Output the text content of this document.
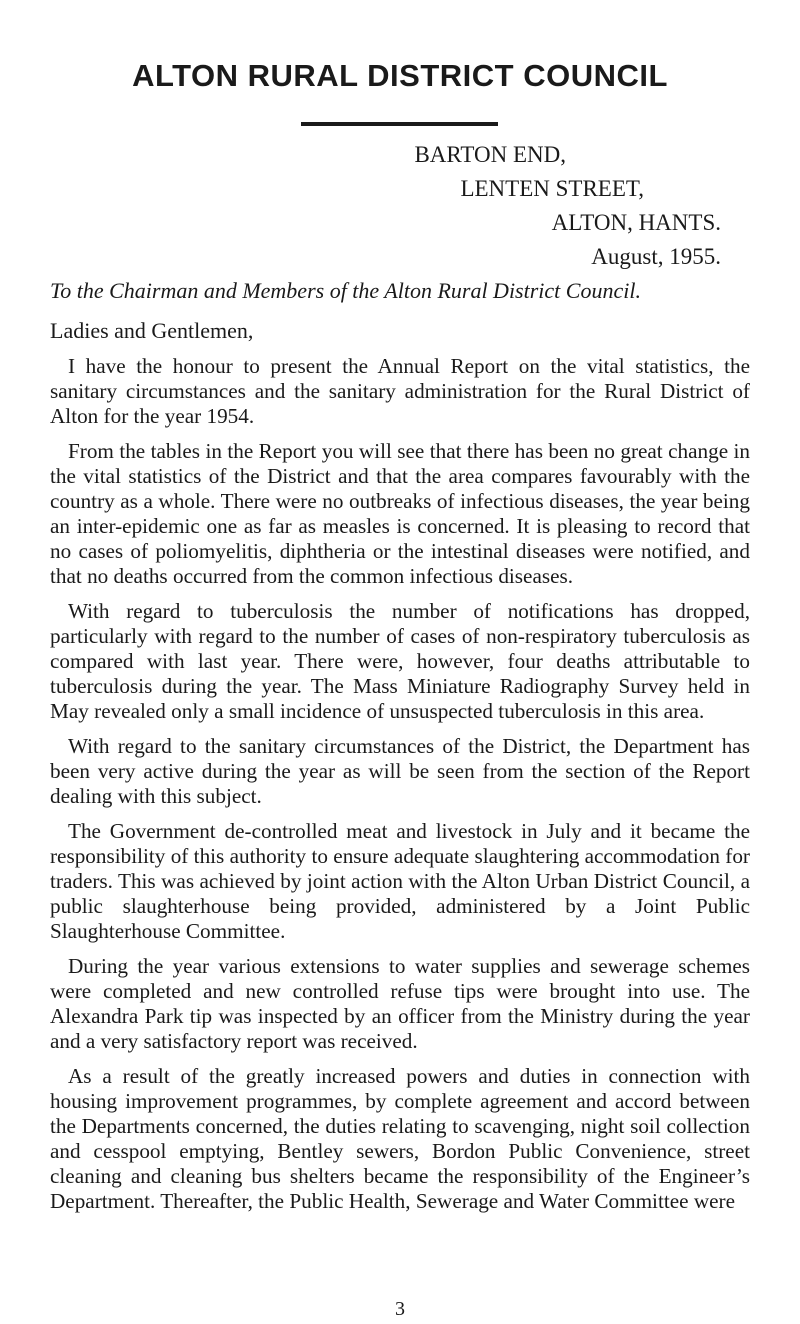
ALTON RURAL DISTRICT COUNCIL
BARTON END,
LENTEN STREET,
ALTON, HANTS.
August, 1955.
To the Chairman and Members of the Alton Rural District Council.
Ladies and Gentlemen,

I have the honour to present the Annual Report on the vital statistics, the sanitary circumstances and the sanitary administration for the Rural District of Alton for the year 1954.

From the tables in the Report you will see that there has been no great change in the vital statistics of the District and that the area compares favourably with the country as a whole. There were no outbreaks of infectious diseases, the year being an inter-epidemic one as far as measles is concerned. It is pleasing to record that no cases of poliomyelitis, diphtheria or the intestinal diseases were notified, and that no deaths occurred from the common infectious diseases.

With regard to tuberculosis the number of notifications has dropped, particularly with regard to the number of cases of non-respiratory tuberculosis as compared with last year. There were, however, four deaths attributable to tuberculosis during the year. The Mass Miniature Radiography Survey held in May revealed only a small incidence of unsuspected tuberculosis in this area.

With regard to the sanitary circumstances of the District, the Department has been very active during the year as will be seen from the section of the Report dealing with this subject.

The Government de-controlled meat and livestock in July and it became the responsibility of this authority to ensure adequate slaughtering accommodation for traders. This was achieved by joint action with the Alton Urban District Council, a public slaughterhouse being provided, administered by a Joint Public Slaughterhouse Committee.

During the year various extensions to water supplies and sewerage schemes were completed and new controlled refuse tips were brought into use. The Alexandra Park tip was inspected by an officer from the Ministry during the year and a very satisfactory report was received.

As a result of the greatly increased powers and duties in connection with housing improvement programmes, by complete agreement and accord between the Departments concerned, the duties relating to scavenging, night soil collection and cesspool emptying, Bentley sewers, Bordon Public Convenience, street cleaning and cleaning bus shelters became the responsibility of the Engineer’s Department. Thereafter, the Public Health, Sewerage and Water Committee were

3
